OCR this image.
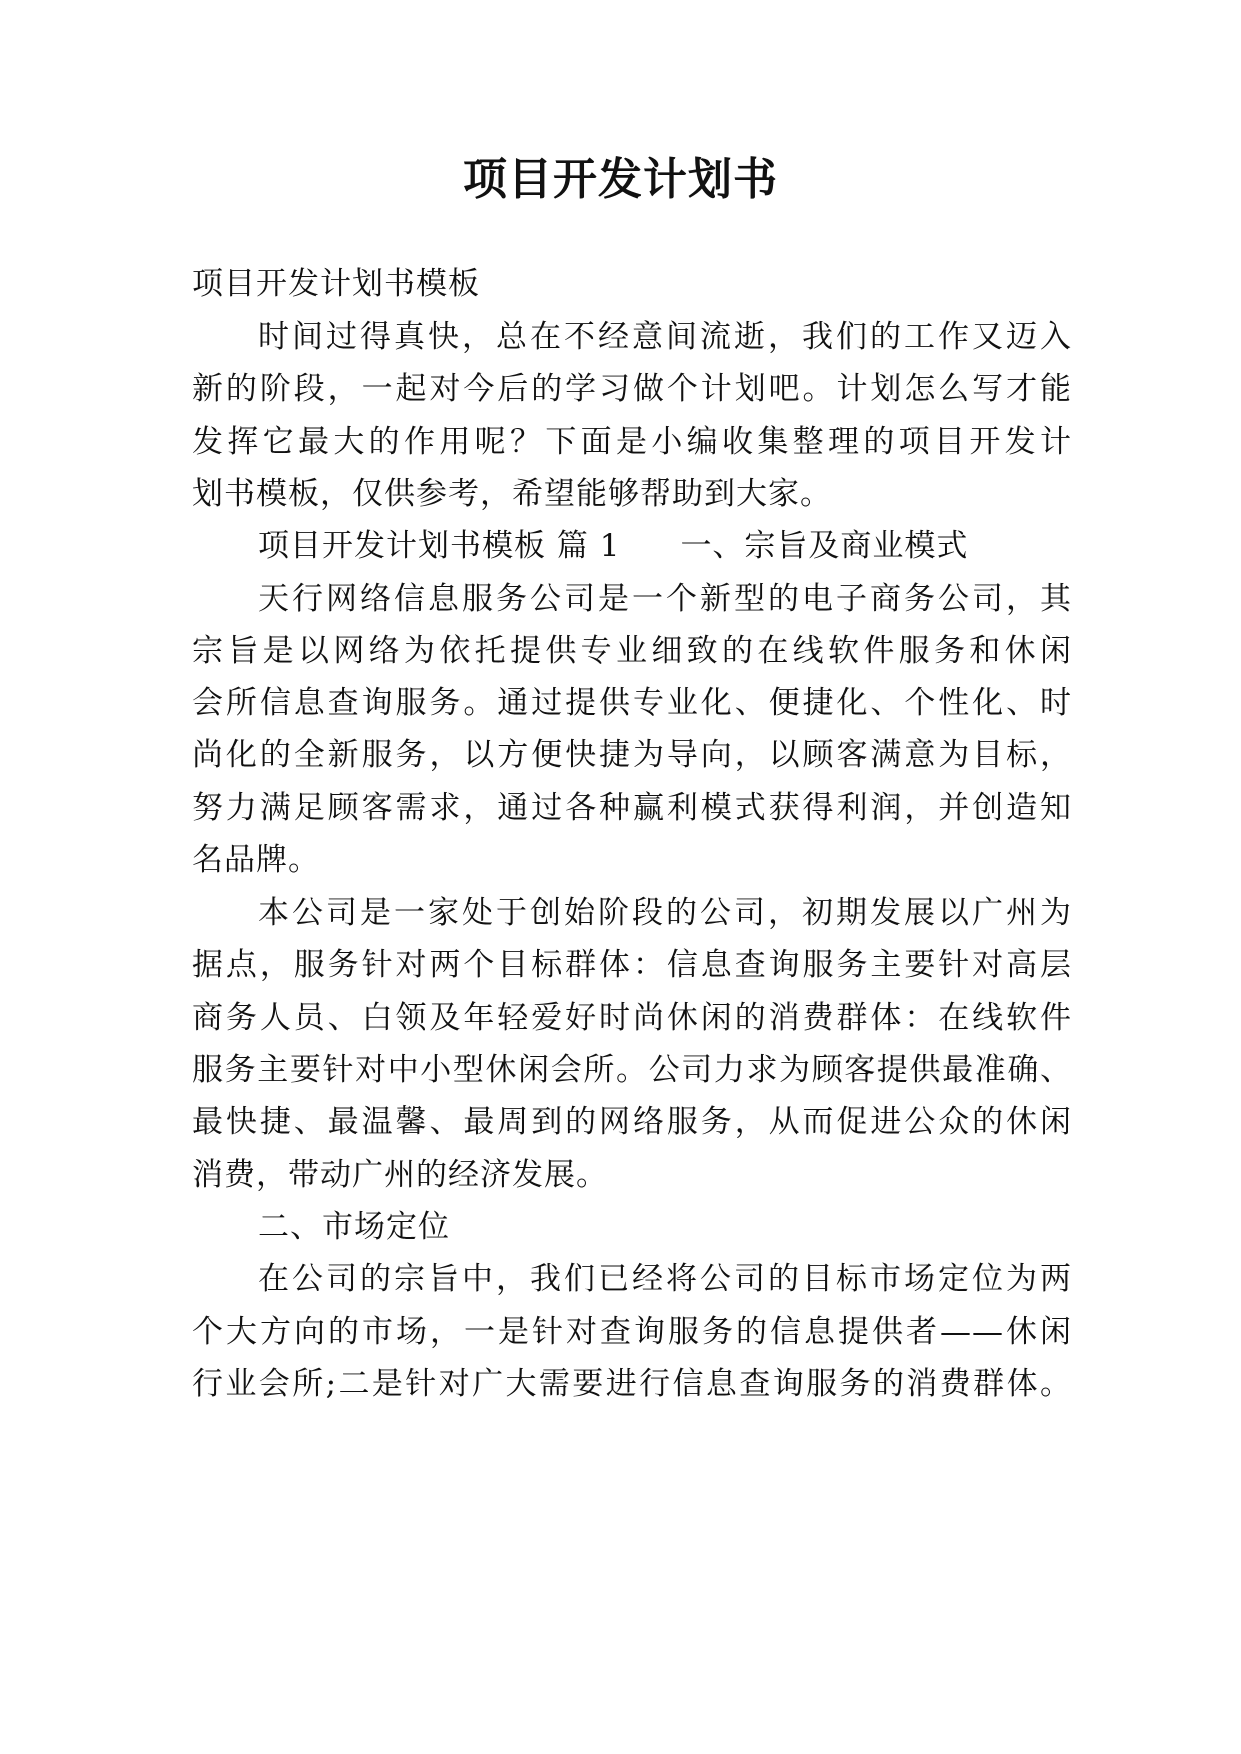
项目开发计划书

项目开发计划书模板

时间过得真快，总在不经意间流逝，我们的工作又迈入

新的阶段，一起对今后的学习做个计划吧。计划怎么写才能

发挥它最大的作用呢？下面是小编收集整理的项目开发计

划书模板，仅供参考，希望能够帮助到大家。

项目开发计划书模板 篇 1 一、宗旨及商业模式

天行网络信息服务公司是一个新型的电子商务公司，其

宗旨是以网络为依托提供专业细致的在线软件服务和休闲

会所信息查询服务。通过提供专业化、便捷化、个性化、时

尚化的全新服务，以方便快捷为导向，以顾客满意为目标，

努力满足顾客需求，通过各种赢利模式获得利润，并创造知

名品牌。

本公司是一家处于创始阶段的公司，初期发展以广州为

据点，服务针对两个目标群体：信息查询服务主要针对高层

商务人员、白领及年轻爱好时尚休闲的消费群体：在线软件

服务主要针对中小型休闲会所。公司力求为顾客提供最准确、

最快捷、最温馨、最周到的网络服务，从而促进公众的休闲

消费，带动广州的经济发展。

二、市场定位

在公司的宗旨中，我们已经将公司的目标市场定位为两

个大方向的市场，一是针对查询服务的信息提供者——休闲

行业会所;二是针对广大需要进行信息查询服务的消费群体。
